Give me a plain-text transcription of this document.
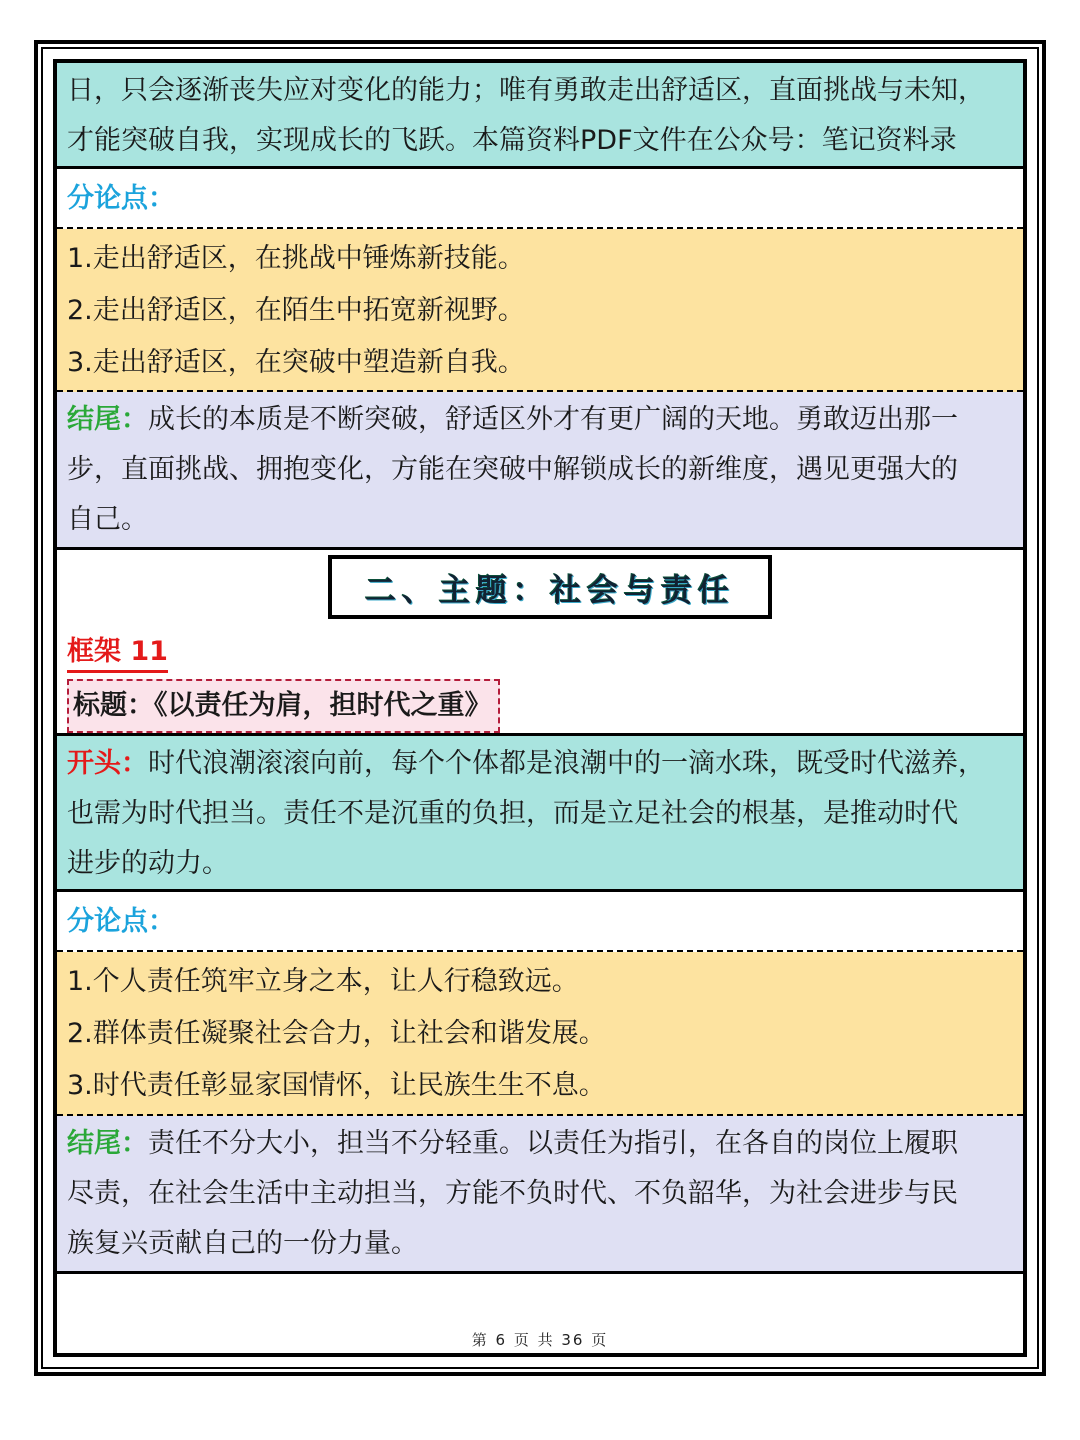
日，只会逐渐丧失应对变化的能力；唯有勇敢走出舒适区，直面挑战与未知，
才能突破自我，实现成长的飞跃。本篇资料PDF文件在公众号：笔记资料录
分论点：
1.走出舒适区，在挑战中锤炼新技能。
2.走出舒适区，在陌生中拓宽新视野。
3.走出舒适区，在突破中塑造新自我。
结尾：成长的本质是不断突破，舒适区外才有更广阔的天地。勇敢迈出那一
步，直面挑战、拥抱变化，方能在突破中解锁成长的新维度，遇见更强大的
自己。
二、主题：社会与责任
框架 11
标题：《以责任为肩，担时代之重》
开头：时代浪潮滚滚向前，每个个体都是浪潮中的一滴水珠，既受时代滋养，
也需为时代担当。责任不是沉重的负担，而是立足社会的根基，是推动时代
进步的动力。
分论点：
1.个人责任筑牢立身之本，让人行稳致远。
2.群体责任凝聚社会合力，让社会和谐发展。
3.时代责任彰显家国情怀，让民族生生不息。
结尾：责任不分大小，担当不分轻重。以责任为指引，在各自的岗位上履职
尽责，在社会生活中主动担当，方能不负时代、不负韶华，为社会进步与民
族复兴贡献自己的一份力量。
第 6 页 共 36 页
